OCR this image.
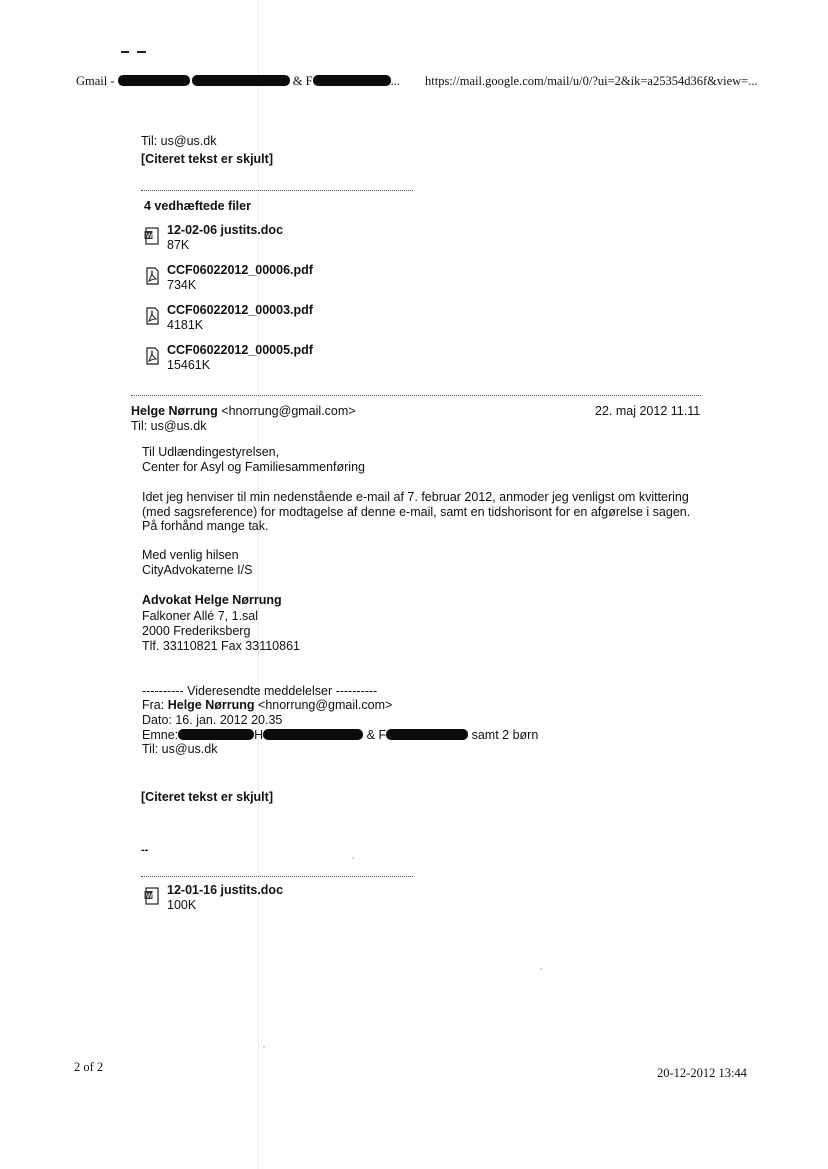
Gmail -	& F	... https://mail.google.com/mail/u/0/?ui=2&ik=a25354d36f&view=...
Til: us@us.dk
[Citeret tekst er skjult]
4 vedhæftede filer
W 12-02-06 justits.doc
87K
CCF06022012_00006.pdf
734K
CCF06022012_00003.pdf
4181K
CCF06022012_00005.pdf
15461K
Helge Nørrung <hnorrung@gmail.com>	22. maj 2012 11.11
Til: us@us.dk
Til Udlændingestyrelsen,
Center for Asyl og Familiesammenføring
Idet jeg henviser til min nedenstående e-mail af 7. februar 2012, anmoder jeg venligst om kvittering
(med sagsreference) for modtagelse af denne e-mail, samt en tidshorisont for en afgørelse i sagen.
På forhånd mange tak.
Med venlig hilsen
CityAdvokaterne I/S
Advokat Helge Nørrung
Falkoner Allé 7, 1.sal
2000 Frederiksberg
Tlf. 33110821 Fax 33110861
---------- Videresendte meddelelser ----------
Fra: Helge Nørrung <hnorrung@gmail.com>
Dato: 16. jan. 2012 20.35
Emne:	H	& F	samt 2 børn
Til: us@us.dk
[Citeret tekst er skjult]
--
W 12-01-16 justits.doc
100K
2 of 2	20-12-2012 13:44
